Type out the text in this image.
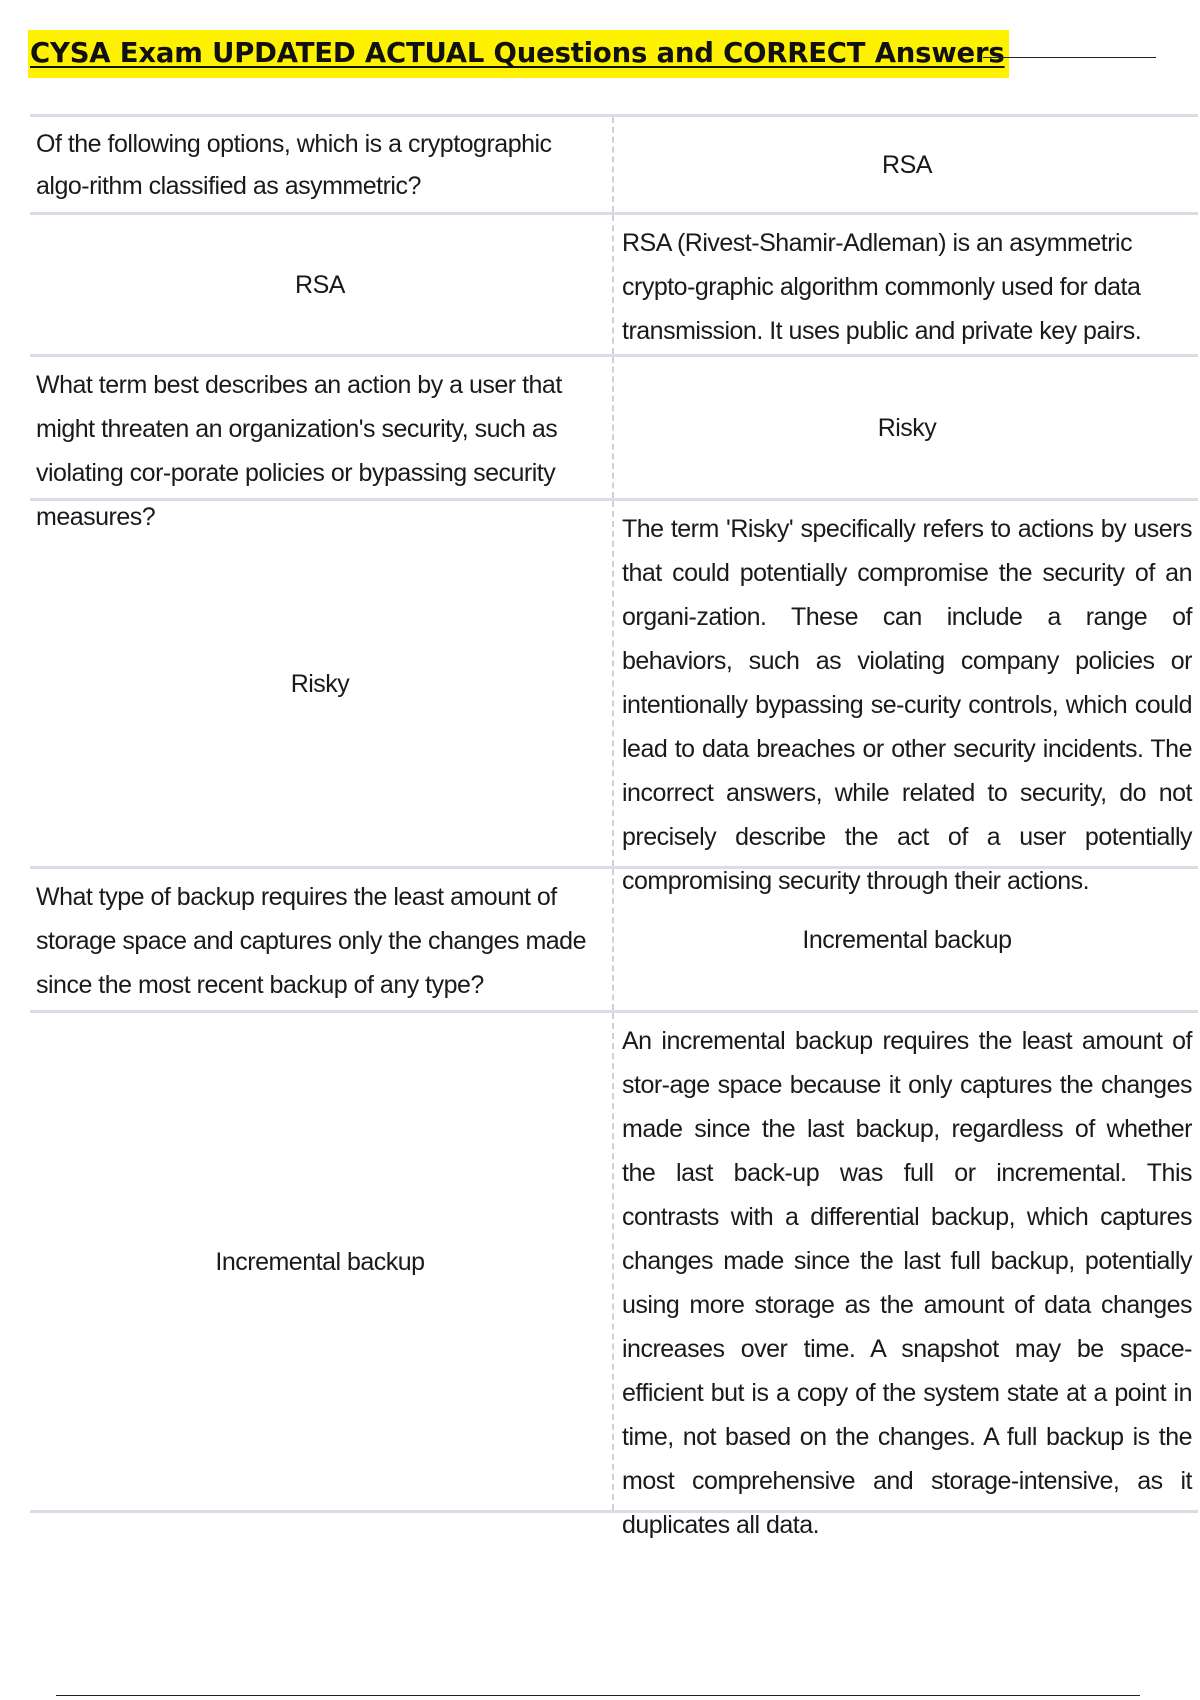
CYSA Exam UPDATED ACTUAL Questions and CORRECT Answers
Of the following options, which is a cryptographic algo-rithm classified as asymmetric?
RSA
RSA
RSA (Rivest-Shamir-Adleman) is an asymmetric crypto-graphic algorithm commonly used for data transmission. It uses public and private key pairs.
What term best describes an action by a user that might threaten an organization's security, such as violating cor-porate policies or bypassing security measures?
Risky
Risky
The term 'Risky' specifically refers to actions by users that could potentially compromise the security of an organi-zation. These can include a range of behaviors, such as violating company policies or intentionally bypassing se-curity controls, which could lead to data breaches or other security incidents. The incorrect answers, while related to security, do not precisely describe the act of a user potentially compromising security through their actions.
What type of backup requires the least amount of storage space and captures only the changes made since the most recent backup of any type?
Incremental backup
Incremental backup
An incremental backup requires the least amount of stor-age space because it only captures the changes made since the last backup, regardless of whether the last back-up was full or incremental. This contrasts with a differential backup, which captures changes made since the last full backup, potentially using more storage as the amount of data changes increases over time. A snapshot may be space-efficient but is a copy of the system state at a point in time, not based on the changes. A full backup is the most comprehensive and storage-intensive, as it duplicates all data.
